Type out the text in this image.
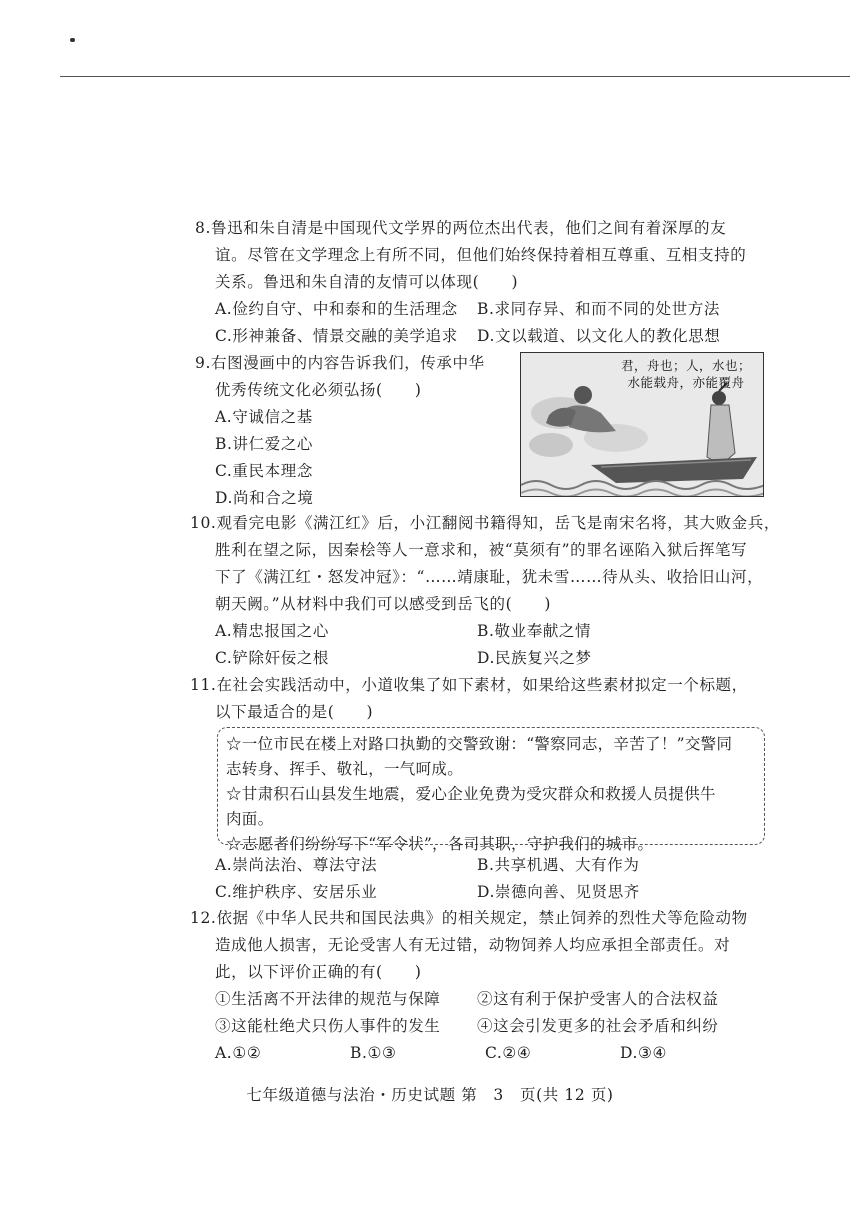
8.鲁迅和朱自清是中国现代文学界的两位杰出代表，他们之间有着深厚的友
谊。尽管在文学理念上有所不同，但他们始终保持着相互尊重、互相支持的
关系。鲁迅和朱自清的友情可以体现(　　)
A.俭约自守、中和泰和的生活理念	B.求同存异、和而不同的处世方法
C.形神兼备、情景交融的美学追求	D.文以载道、以文化人的教化思想
9.右图漫画中的内容告诉我们，传承中华
优秀传统文化必须弘扬(　　)
A.守诚信之基
B.讲仁爱之心
C.重民本理念
D.尚和合之境
君，舟也；人，水也；
水能载舟，亦能覆舟
10.观看完电影《满江红》后，小江翻阅书籍得知，岳飞是南宋名将，其大败金兵，
胜利在望之际，因秦桧等人一意求和，被“莫须有”的罪名诬陷入狱后挥笔写
下了《满江红・怒发冲冠》：“……靖康耻，犹未雪……待从头、收拾旧山河，
朝天阙。”从材料中我们可以感受到岳飞的(　　)
A.精忠报国之心	B.敬业奉献之情
C.铲除奸佞之根	D.民族复兴之梦
11.在社会实践活动中，小道收集了如下素材，如果给这些素材拟定一个标题，
以下最适合的是(　　)
☆一位市民在楼上对路口执勤的交警致谢：“警察同志，辛苦了！”交警同
志转身、挥手、敬礼，一气呵成。
☆甘肃积石山县发生地震，爱心企业免费为受灾群众和救援人员提供牛
肉面。
☆志愿者们纷纷写下“军令状”，各司其职，守护我们的城市。
A.崇尚法治、尊法守法	B.共享机遇、大有作为
C.维护秩序、安居乐业	D.崇德向善、见贤思齐
12.依据《中华人民共和国民法典》的相关规定，禁止饲养的烈性犬等危险动物
造成他人损害，无论受害人有无过错，动物饲养人均应承担全部责任。对
此，以下评价正确的有(　　)
①生活离不开法律的规范与保障	②这有利于保护受害人的合法权益
③这能杜绝犬只伤人事件的发生	④这会引发更多的社会矛盾和纠纷
A.①②	B.①③	C.②④	D.③④
七年级道德与法治・历史试题 第　3　页(共 12 页)
